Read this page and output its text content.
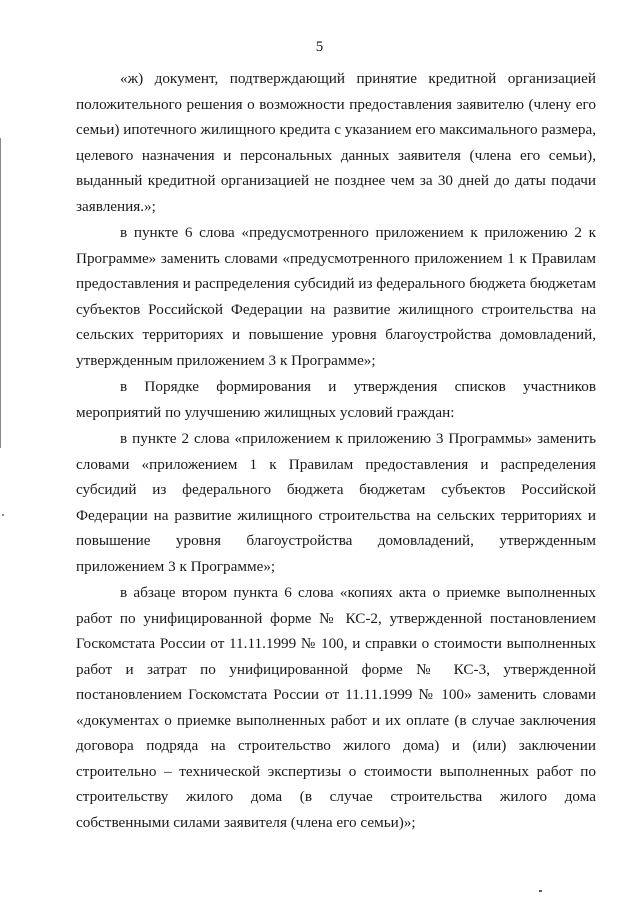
5

«ж) документ, подтверждающий принятие кредитной организацией положительного решения о возможности предоставления заявителю (члену его семьи) ипотечного жилищного кредита с указанием его максимального размера, целевого назначения и персональных данных заявителя (члена его семьи), выданный кредитной организацией не позднее чем за 30 дней до даты подачи заявления.»;

в пункте 6 слова «предусмотренного приложением к приложению 2 к Программе» заменить словами «предусмотренного приложением 1 к Правилам предоставления и распределения субсидий из федерального бюджета бюджетам субъектов Российской Федерации на развитие жилищного строительства на сельских территориях и повышение уровня благоустройства домовладений, утвержденным приложением 3 к Программе»;

в Порядке формирования и утверждения списков участников мероприятий по улучшению жилищных условий граждан:

в пункте 2 слова «приложением к приложению 3 Программы» заменить словами «приложением 1 к Правилам предоставления и распределения субсидий из федерального бюджета бюджетам субъектов Российской Федерации на развитие жилищного строительства на сельских территориях и повышение уровня благоустройства домовладений, утвержденным приложением 3 к Программе»;

в абзаце втором пункта 6 слова «копиях акта о приемке выполненных работ по унифицированной форме № КС-2, утвержденной постановлением Госкомстата России от 11.11.1999 № 100, и справки о стоимости выполненных работ и затрат по унифицированной форме № КС-3, утвержденной постановлением Госкомстата России от 11.11.1999 № 100» заменить словами «документах о приемке выполненных работ и их оплате (в случае заключения договора подряда на строительство жилого дома) и (или) заключении строительно – технической экспертизы о стоимости выполненных работ по строительству жилого дома (в случае строительства жилого дома собственными силами заявителя (члена его семьи)»;
